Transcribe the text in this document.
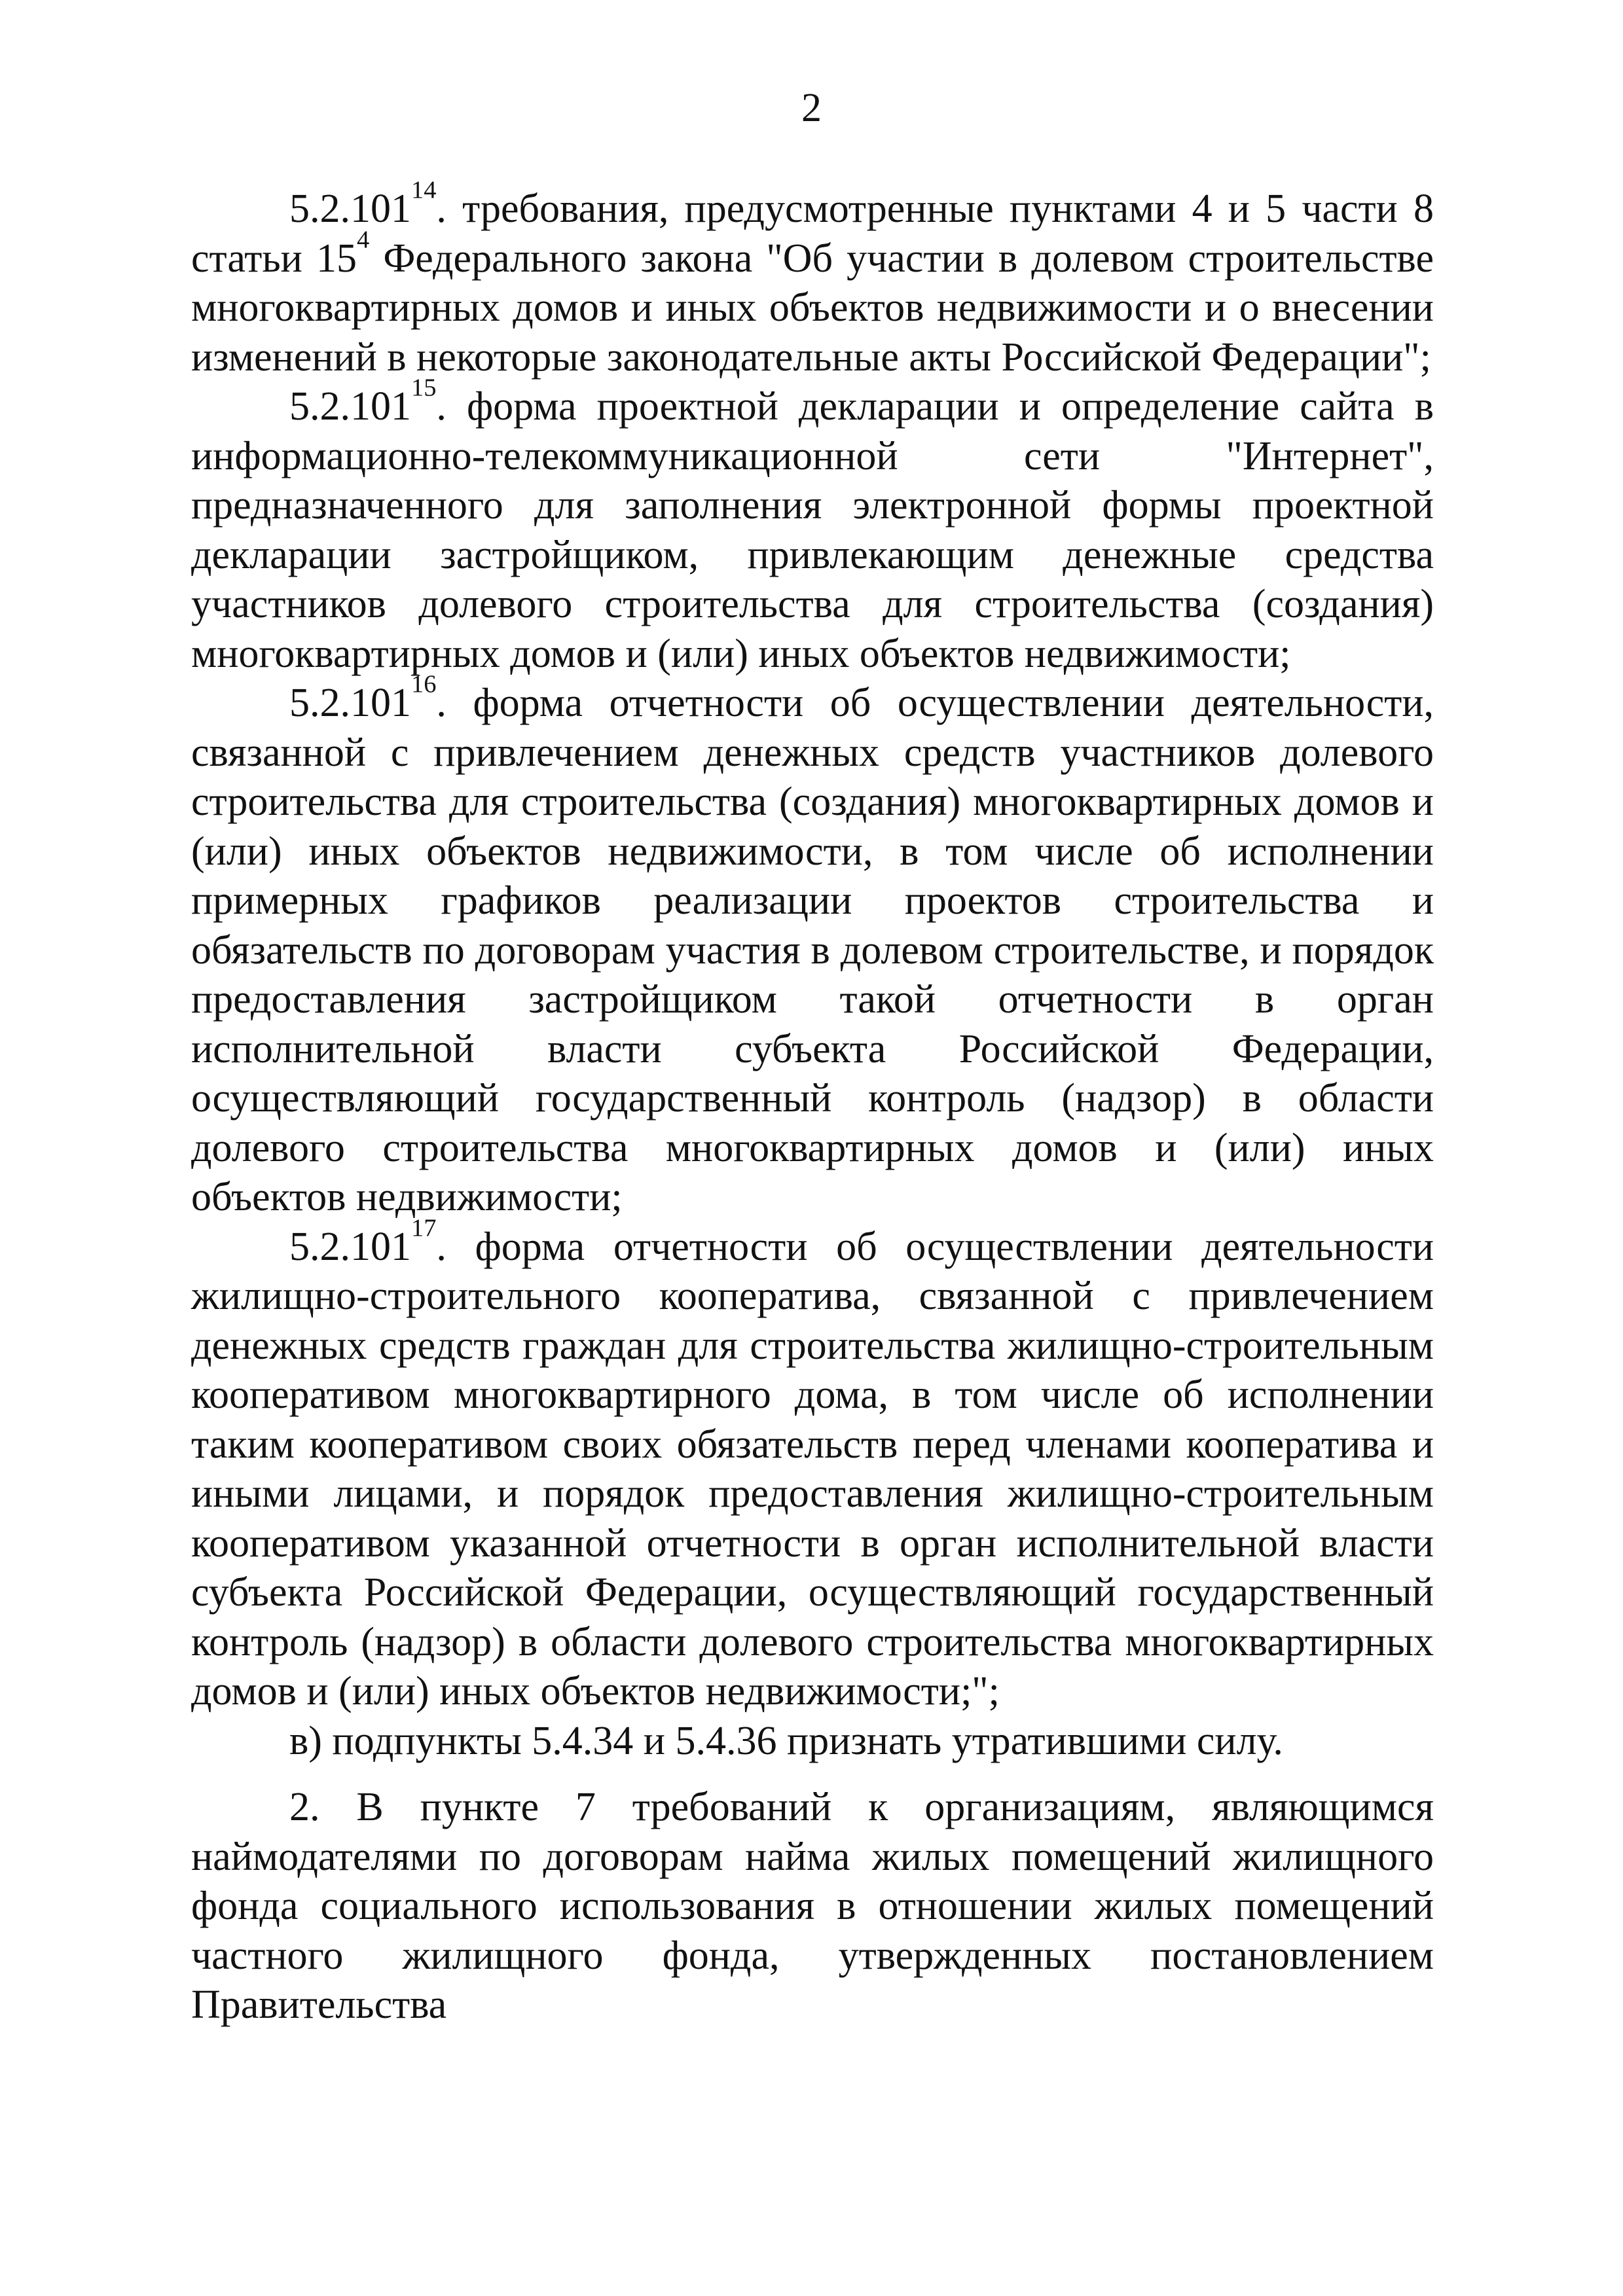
2

5.2.101$^{14}$. требования, предусмотренные пунктами 4 и 5 части 8 статьи $15^4$ Федерального закона "Об участии в долевом строительстве многоквартирных домов и иных объектов недвижимости и о внесении изменений в некоторые законодательные акты Российской Федерации";

5.2.101$^{15}$. форма проектной декларации и определение сайта в информационно-телекоммуникационной сети "Интернет", предназначенного для заполнения электронной формы проектной декларации застройщиком, привлекающим денежные средства участников долевого строительства для строительства (создания) многоквартирных домов и (или) иных объектов недвижимости;

5.2.101$^{16}$. форма отчетности об осуществлении деятельности, связанной с привлечением денежных средств участников долевого строительства для строительства (создания) многоквартирных домов и (или) иных объектов недвижимости, в том числе об исполнении примерных графиков реализации проектов строительства и обязательств по договорам участия в долевом строительстве, и порядок предоставления застройщиком такой отчетности в орган исполнительной власти субъекта Российской Федерации, осуществляющий государственный контроль (надзор) в области долевого строительства многоквартирных домов и (или) иных объектов недвижимости;

5.2.101$^{17}$. форма отчетности об осуществлении деятельности жилищно-строительного кооператива, связанной с привлечением денежных средств граждан для строительства жилищно-строительным кооперативом многоквартирного дома, в том числе об исполнении таким кооперативом своих обязательств перед членами кооператива и иными лицами, и порядок предоставления жилищно-строительным кооперативом указанной отчетности в орган исполнительной власти субъекта Российской Федерации, осуществляющий государственный контроль (надзор) в области долевого строительства многоквартирных домов и (или) иных объектов недвижимости;";

в) подпункты 5.4.34 и 5.4.36 признать утратившими силу.

2. В пункте 7 требований к организациям, являющимся наймодателями по договорам найма жилых помещений жилищного фонда социального использования в отношении жилых помещений частного жилищного фонда, утвержденных постановлением Правительства
